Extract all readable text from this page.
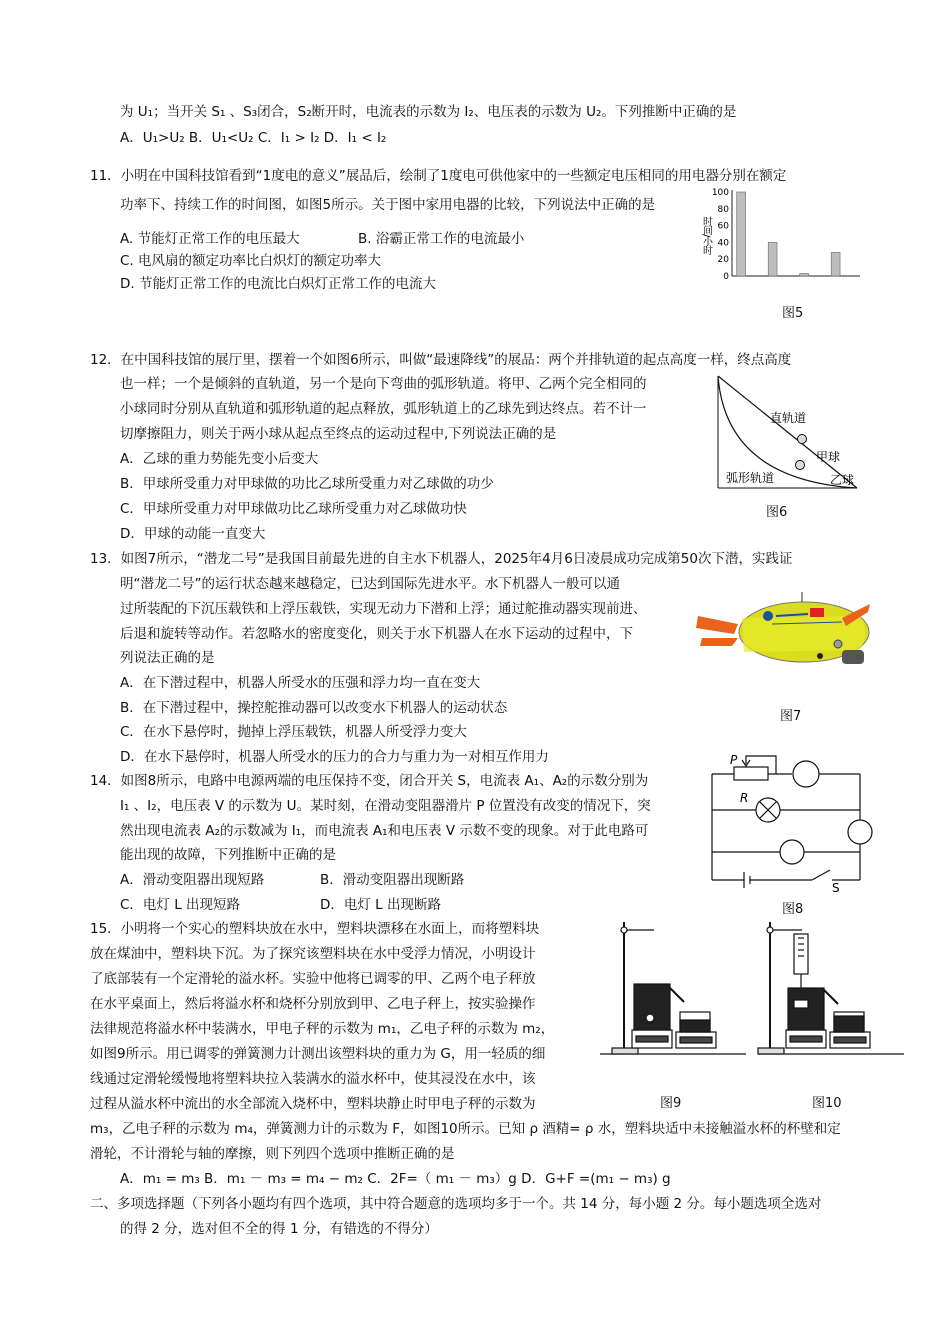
为 U₁；当开关 S₁ 、S₃闭合，S₂断开时，电流表的示数为 I₂、电压表的示数为 U₂。下列推断中正确的是
A．U₁>U₂ B．U₁<U₂ C．I₁ > I₂ D．I₁ < I₂
11．小明在中国科技馆看到“1度电的意义”展品后，绘制了1度电可供他家中的一些额定电压相同的用电器分别在额定
功率下、持续工作的时间图，如图5所示。关于图中家用电器的比较，下列说法中正确的是
A. 节能灯正常工作的电压最大	B. 浴霸正常工作的电流最小
C. 电风扇的额定功率比白炽灯的额定功率大
D. 节能灯正常工作的电流比白炽灯正常工作的电流大
12．在中国科技馆的展厅里，摆着一个如图6所示，叫做“最速降线”的展品：两个并排轨道的起点高度一样，终点高度
也一样；一个是倾斜的直轨道，另一个是向下弯曲的弧形轨道。将甲、乙两个完全相同的
小球同时分别从直轨道和弧形轨道的起点释放，弧形轨道上的乙球先到达终点。若不计一
切摩擦阻力，则关于两小球从起点至终点的运动过程中,下列说法正确的是
A．乙球的重力势能先变小后变大
B．甲球所受重力对甲球做的功比乙球所受重力对乙球做的功少
C．甲球所受重力对甲球做功比乙球所受重力对乙球做功快
D．甲球的动能一直变大
13．如图7所示，“潜龙二号”是我国目前最先进的自主水下机器人，2025年4月6日凌晨成功完成第50次下潜，实践证
明“潜龙二号”的运行状态越来越稳定，已达到国际先进水平。水下机器人一般可以通
过所装配的下沉压载铁和上浮压载铁，实现无动力下潜和上浮；通过舵推动器实现前进、
后退和旋转等动作。若忽略水的密度变化，则关于水下机器人在水下运动的过程中，下
列说法正确的是
A．在下潜过程中，机器人所受水的压强和浮力均一直在变大
B．在下潜过程中，操控舵推动器可以改变水下机器人的运动状态
C．在水下悬停时，抛掉上浮压载铁，机器人所受浮力变大
D．在水下悬停时，机器人所受水的压力的合力与重力为一对相互作用力
14．如图8所示，电路中电源两端的电压保持不变，闭合开关 S，电流表 A₁、A₂的示数分别为
I₁ 、I₂，电压表 V 的示数为 U。某时刻，在滑动变阻器滑片 P 位置没有改变的情况下，突
然出现电流表 A₂的示数减为 I₁，而电流表 A₁和电压表 V 示数不变的现象。对于此电路可
能出现的故障，下列推断中正确的是
A．滑动变阻器出现短路	B．滑动变阻器出现断路
C．电灯 L 出现短路	D．电灯 L 出现断路
15．小明将一个实心的塑料块放在水中，塑料块漂移在水面上，而将塑料块
放在煤油中，塑料块下沉。为了探究该塑料块在水中受浮力情况，小明设计
了底部装有一个定滑轮的溢水杯。实验中他将已调零的甲、乙两个电子秤放
在水平桌面上，然后将溢水杯和烧杯分别放到甲、乙电子秤上，按实验操作
法律规范将溢水杯中装满水，甲电子秤的示数为 m₁，乙电子秤的示数为 m₂，
如图9所示。用已调零的弹簧测力计测出该塑料块的重力为 G，用一轻质的细
线通过定滑轮缓慢地将塑料块拉入装满水的溢水杯中，使其浸没在水中，该
过程从溢水杯中流出的水全部流入烧杯中，塑料块静止时甲电子秤的示数为
m₃，乙电子秤的示数为 m₄，弹簧测力计的示数为 F，如图10所示。已知 ρ 酒精= ρ 水，塑料块适中未接触溢水杯的杯壁和定
滑轮，不计滑轮与轴的摩擦，则下列四个选项中推断正确的是
A．m₁ = m₃ B．m₁ － m₃ = m₄ − m₂ C．2F=（ m₁ － m₃）g D．G+F =(m₁ − m₃) g
二、多项选择题（下列各小题均有四个选项，其中符合题意的选项均多于一个。共 14 分，每小题 2 分。每小题选项全选对
的得 2 分，选对但不全的得 1 分，有错选的不得分）
0
20
40
60
80
100
时间/小时
图5
直轨道
弧形轨道
甲球
乙球
图6
图7
P
R
S
图8
图9	图10
